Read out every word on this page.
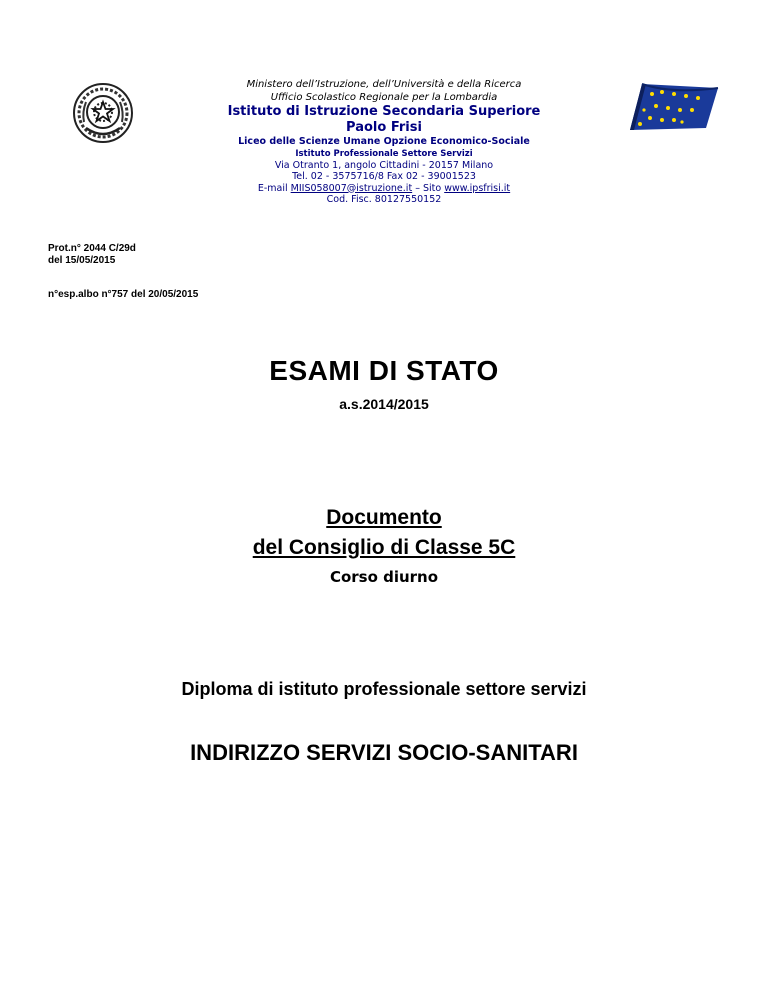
Ministero dell’Istruzione, dell’Università e della Ricerca
Ufficio Scolastico Regionale per la Lombardia
Istituto di Istruzione Secondaria Superiore
Paolo Frisi
Liceo delle Scienze Umane Opzione Economico-Sociale
Istituto Professionale Settore Servizi
Via Otranto 1, angolo Cittadini - 20157 Milano
Tel. 02 - 3575716/8 Fax 02 - 39001523
E-mail MIIS058007@istruzione.it – Sito www.ipsfrisi.it
Cod. Fisc. 80127550152
Prot.n° 2044 C/29d
del 15/05/2015
n°esp.albo n°757 del 20/05/2015
ESAMI DI STATO
a.s.2014/2015
Documento
del Consiglio di Classe 5C
Corso diurno
Diploma di istituto professionale settore servizi
INDIRIZZO SERVIZI SOCIO-SANITARI
